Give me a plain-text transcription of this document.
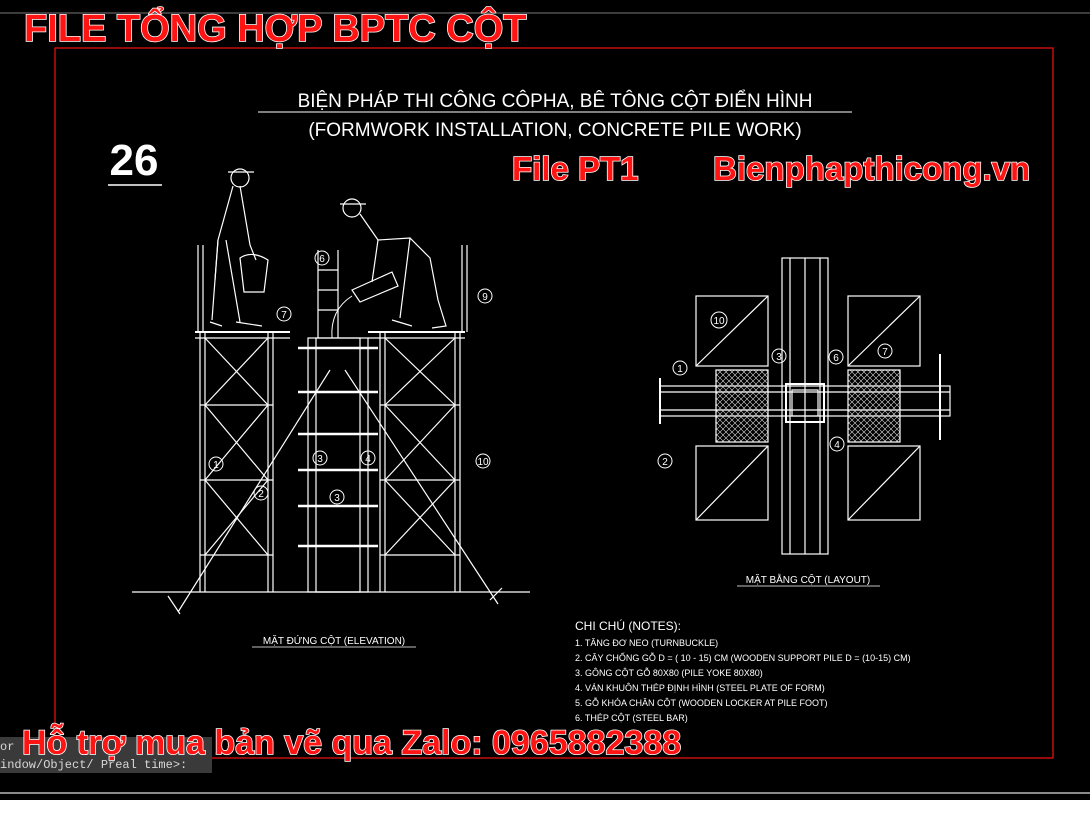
BIỆN PHÁP THI CÔNG CÔPHA, BÊ TÔNG CỘT ĐIỂN HÌNH
(FORMWORK INSTALLATION, CONCRETE PILE WORK)
26
7
6
9
1
2
3	4
3
10
MẶT ĐỨNG CỘT (ELEVATION)
10
1
3	6
7
2
4
MẶT BẰNG CỘT (LAYOUT)
CHI CHÚ (NOTES):
1. TĂNG ĐƠ NEO (TURNBUCKLE)
2. CÂY CHỐNG GỖ D = ( 10 - 15) CM (WOODEN SUPPORT PILE D = (10-15) CM)
3. GÔNG CỘT GỖ 80X80 (PILE YOKE 80X80)
4. VÁN KHUÔN THÉP ĐỊNH HÌNH (STEEL PLATE OF FORM)
5. GỖ KHÓA CHÂN CỘT (WOODEN LOCKER AT PILE FOOT)
6. THÉP CỘT (STEEL BAR)
or
indow/Object/ Preal time>:
FILE TỔNG HỢP BPTC CỘT
File PT1 Bienphapthicong.vn
Hỗ trợ mua bản vẽ qua Zalo: 0965882388
